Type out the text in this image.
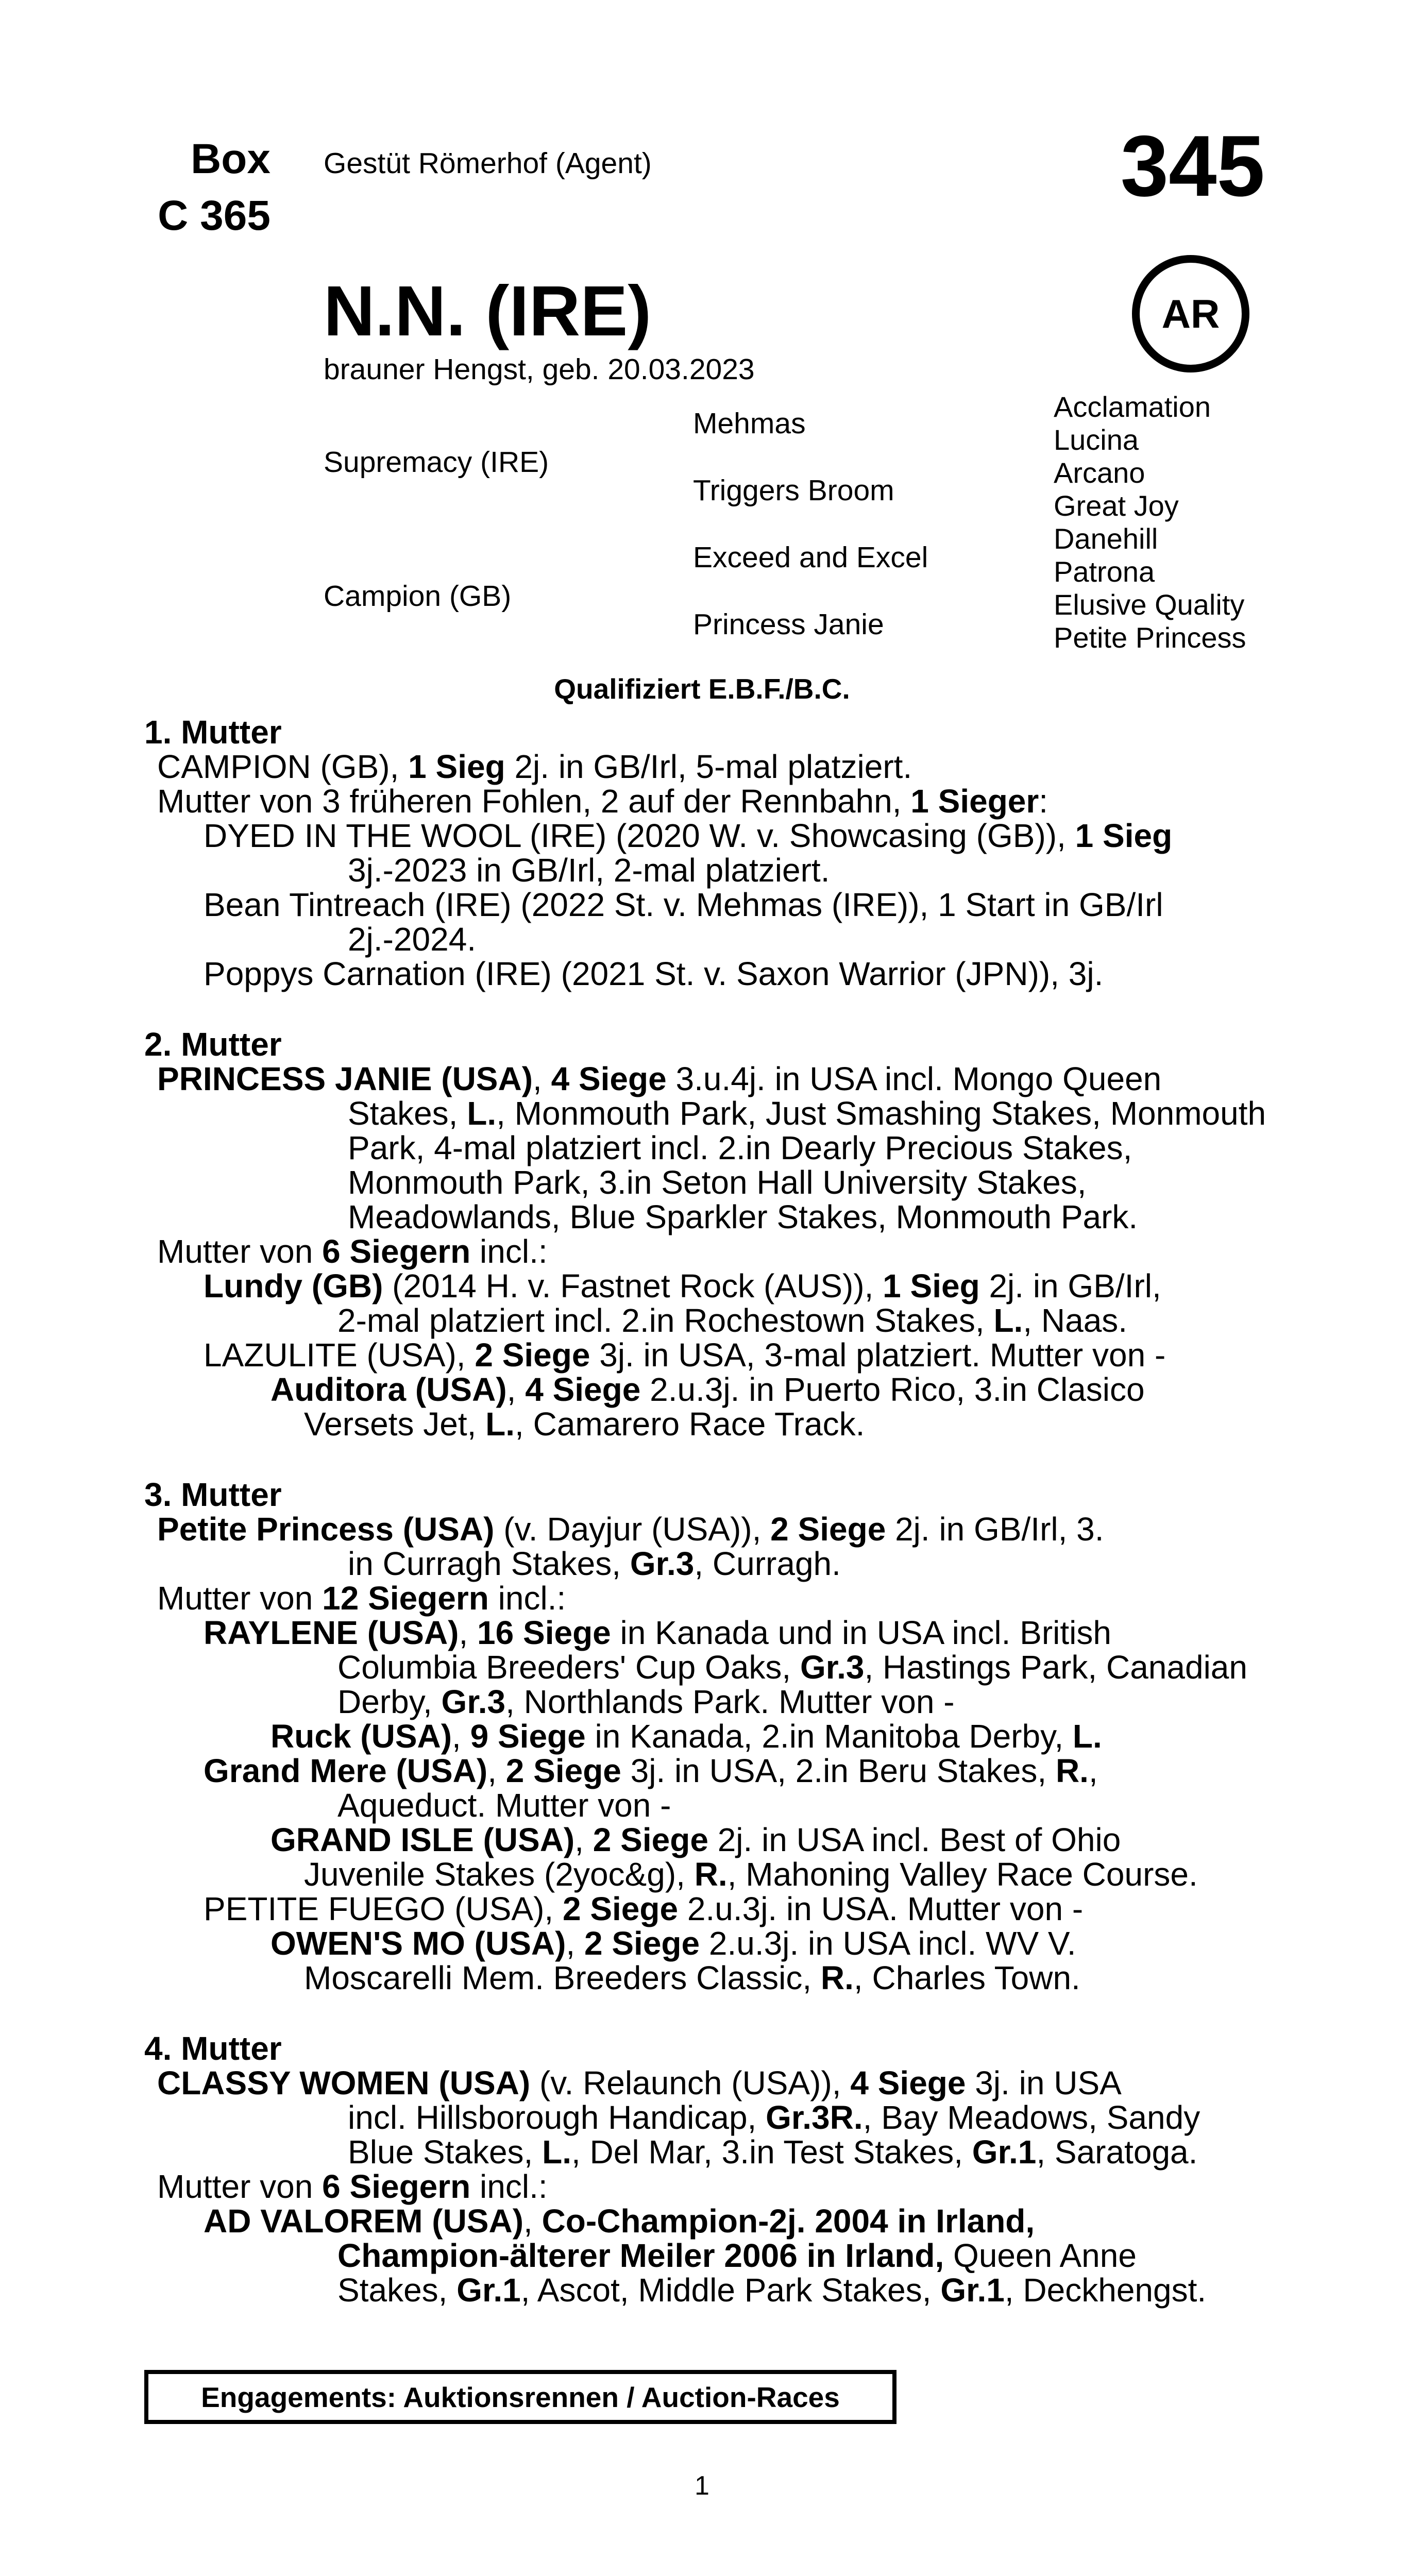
Box
C 365
Gestüt Römerhof (Agent)	345
AR
N.N. (IRE)
brauner Hengst, geb. 20.03.2023
Supremacy (IRE)
Campion (GB)
Mehmas
Triggers Broom
Exceed and Excel
Princess Janie
Acclamation
Lucina
Arcano
Great Joy
Danehill
Patrona
Elusive Quality
Petite Princess
Qualifiziert E.B.F./B.C.
1. Mutter
CAMPION (GB), 1 Sieg 2j. in GB/Irl, 5-mal platziert.
Mutter von 3 früheren Fohlen, 2 auf der Rennbahn, 1 Sieger:
DYED IN THE WOOL (IRE) (2020 W. v. Showcasing (GB)), 1 Sieg
3j.-2023 in GB/Irl, 2-mal platziert.
Bean Tintreach (IRE) (2022 St. v. Mehmas (IRE)), 1 Start in GB/Irl
2j.-2024.
Poppys Carnation (IRE) (2021 St. v. Saxon Warrior (JPN)), 3j.
2. Mutter
PRINCESS JANIE (USA), 4 Siege 3.u.4j. in USA incl. Mongo Queen
Stakes, L., Monmouth Park, Just Smashing Stakes, Monmouth
Park, 4-mal platziert incl. 2.in Dearly Precious Stakes,
Monmouth Park, 3.in Seton Hall University Stakes,
Meadowlands, Blue Sparkler Stakes, Monmouth Park.
Mutter von 6 Siegern incl.:
Lundy (GB) (2014 H. v. Fastnet Rock (AUS)), 1 Sieg 2j. in GB/Irl,
2-mal platziert incl. 2.in Rochestown Stakes, L., Naas.
LAZULITE (USA), 2 Siege 3j. in USA, 3-mal platziert. Mutter von -
Auditora (USA), 4 Siege 2.u.3j. in Puerto Rico, 3.in Clasico
Versets Jet, L., Camarero Race Track.
3. Mutter
Petite Princess (USA) (v. Dayjur (USA)), 2 Siege 2j. in GB/Irl, 3.
in Curragh Stakes, Gr.3, Curragh.
Mutter von 12 Siegern incl.:
RAYLENE (USA), 16 Siege in Kanada und in USA incl. British
Columbia Breeders' Cup Oaks, Gr.3, Hastings Park, Canadian
Derby, Gr.3, Northlands Park. Mutter von -
Ruck (USA), 9 Siege in Kanada, 2.in Manitoba Derby, L.
Grand Mere (USA), 2 Siege 3j. in USA, 2.in Beru Stakes, R.,
Aqueduct. Mutter von -
GRAND ISLE (USA), 2 Siege 2j. in USA incl. Best of Ohio
Juvenile Stakes (2yoc&g), R., Mahoning Valley Race Course.
PETITE FUEGO (USA), 2 Siege 2.u.3j. in USA. Mutter von -
OWEN'S MO (USA), 2 Siege 2.u.3j. in USA incl. WV V.
Moscarelli Mem. Breeders Classic, R., Charles Town.
4. Mutter
CLASSY WOMEN (USA) (v. Relaunch (USA)), 4 Siege 3j. in USA
incl. Hillsborough Handicap, Gr.3R., Bay Meadows, Sandy
Blue Stakes, L., Del Mar, 3.in Test Stakes, Gr.1, Saratoga.
Mutter von 6 Siegern incl.:
AD VALOREM (USA), Co-Champion-2j. 2004 in Irland,
Champion-älterer Meiler 2006 in Irland, Queen Anne
Stakes, Gr.1, Ascot, Middle Park Stakes, Gr.1, Deckhengst.
Engagements: Auktionsrennen / Auction-Races
1
